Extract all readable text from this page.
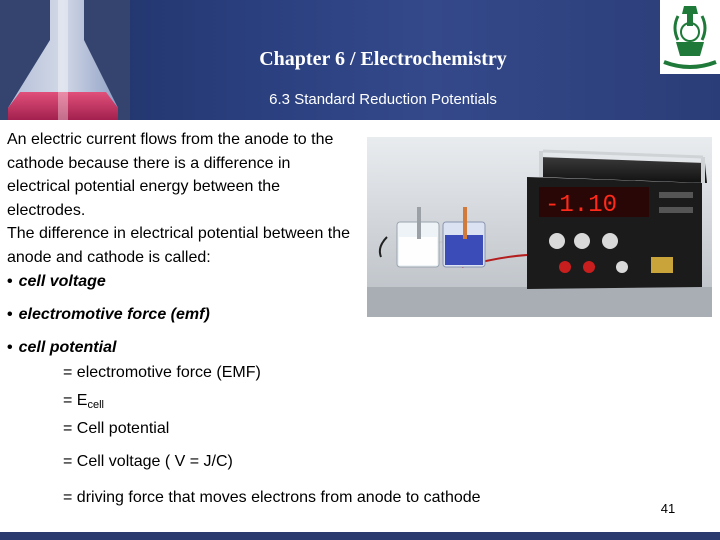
Chapter 6 / Electrochemistry
6.3 Standard Reduction Potentials
An electric current flows from the anode to the cathode because there is a difference in electrical potential energy between the electrodes.
The difference in electrical potential between the anode and cathode is called:
• cell voltage
• electromotive force (emf)
• cell potential
= electromotive force (EMF)
= $E_{cell}$
= Cell potential
= Cell voltage ( V = J/C)
= driving force that moves electrons from anode to cathode
-1.10
41
